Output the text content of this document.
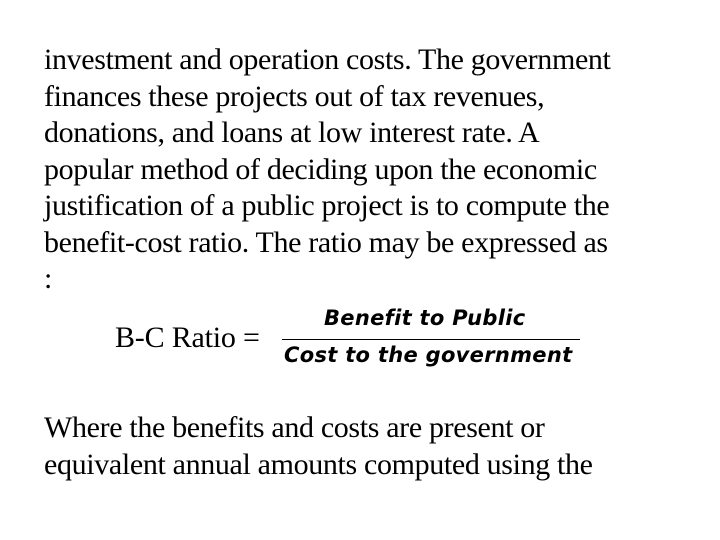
investment and operation costs. The government
finances these projects out of tax revenues,
donations, and loans at low interest rate. A
popular method of deciding upon the economic
justification of a public project is to compute the
benefit-cost ratio. The ratio may be expressed as
:

B-C Ratio =
Benefit to Public
Cost to the government

Where the benefits and costs are present or
equivalent annual amounts computed using the
